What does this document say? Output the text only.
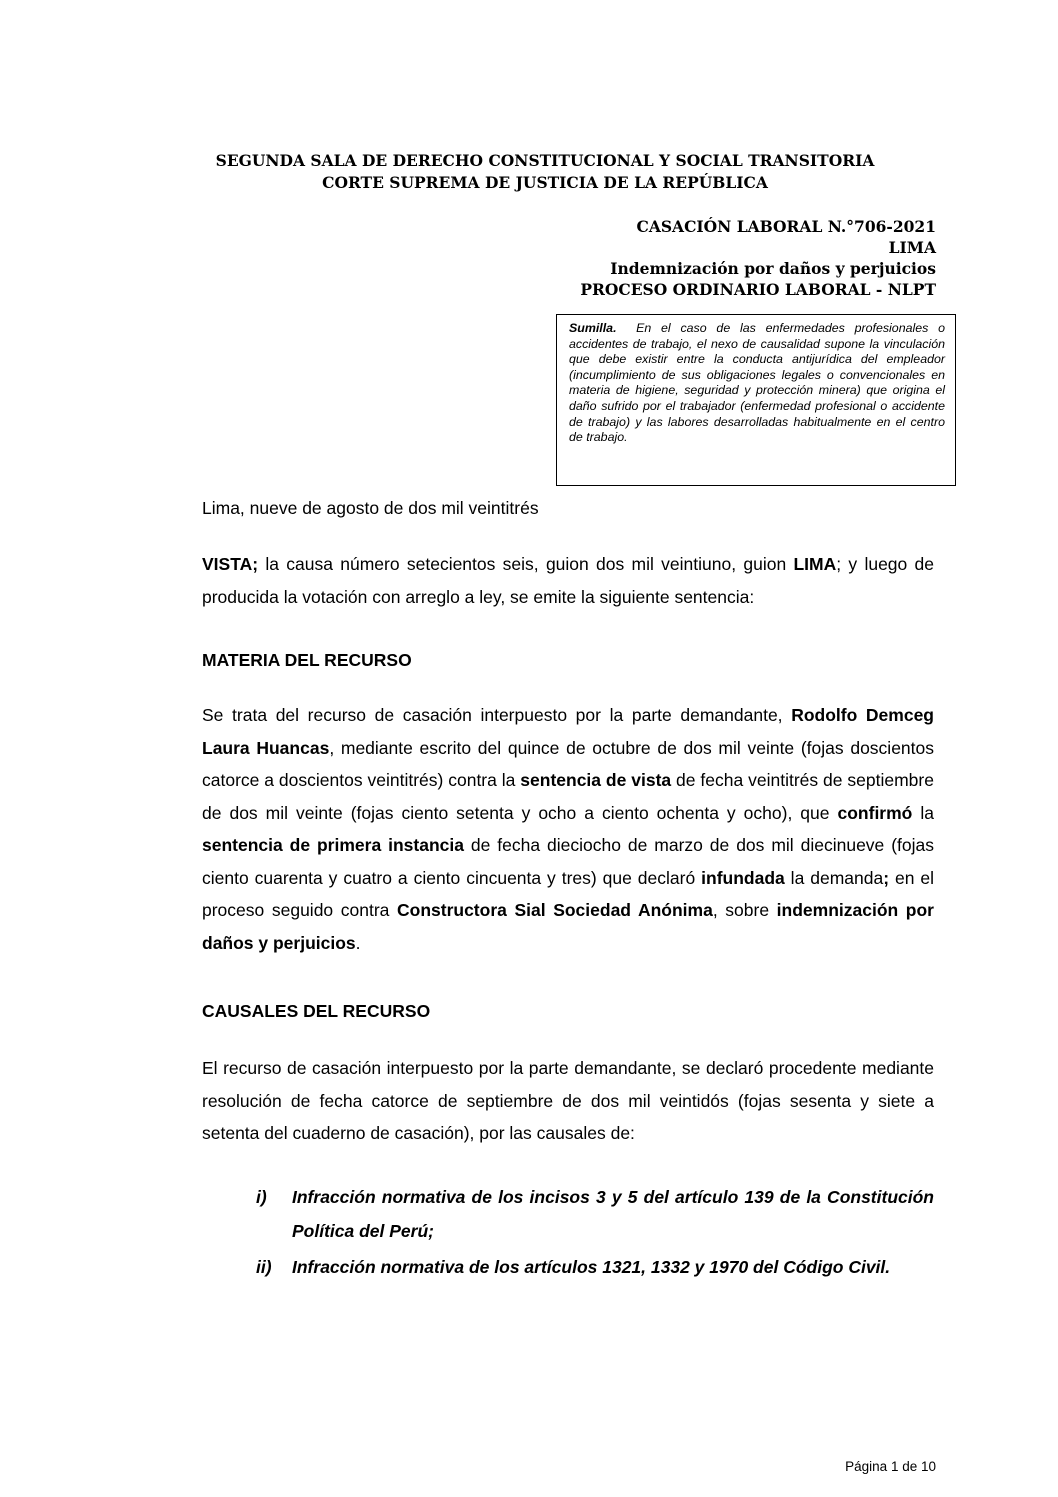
SEGUNDA SALA DE DERECHO CONSTITUCIONAL Y SOCIAL TRANSITORIA
CORTE SUPREMA DE JUSTICIA DE LA REPÚBLICA
CASACIÓN LABORAL N.°706-2021
LIMA
Indemnización por daños y perjuicios
PROCESO ORDINARIO LABORAL - NLPT

Sumilla. En el caso de las enfermedades profesionales o accidentes de trabajo, el nexo de causalidad supone la vinculación que debe existir entre la conducta antijurídica del empleador (incumplimiento de sus obligaciones legales o convencionales en materia de higiene, seguridad y protección minera) que origina el daño sufrido por el trabajador (enfermedad profesional o accidente de trabajo) y las labores desarrolladas habitualmente en el centro de trabajo.

Lima, nueve de agosto de dos mil veintitrés

VISTA; la causa número setecientos seis, guion dos mil veintiuno, guion LIMA; y luego de producida la votación con arreglo a ley, se emite la siguiente sentencia:

MATERIA DEL RECURSO

Se trata del recurso de casación interpuesto por la parte demandante, Rodolfo Demceg Laura Huancas, mediante escrito del quince de octubre de dos mil veinte (fojas doscientos catorce a doscientos veintitrés) contra la sentencia de vista de fecha veintitrés de septiembre de dos mil veinte (fojas ciento setenta y ocho a ciento ochenta y ocho), que confirmó la sentencia de primera instancia de fecha dieciocho de marzo de dos mil diecinueve (fojas ciento cuarenta y cuatro a ciento cincuenta y tres) que declaró infundada la demanda; en el proceso seguido contra Constructora Sial Sociedad Anónima, sobre indemnización por daños y perjuicios.

CAUSALES DEL RECURSO

El recurso de casación interpuesto por la parte demandante, se declaró procedente mediante resolución de fecha catorce de septiembre de dos mil veintidós (fojas sesenta y siete a setenta del cuaderno de casación), por las causales de:

i) Infracción normativa de los incisos 3 y 5 del artículo 139 de la Constitución Política del Perú;
ii) Infracción normativa de los artículos 1321, 1332 y 1970 del Código Civil.
Página 1 de 10
